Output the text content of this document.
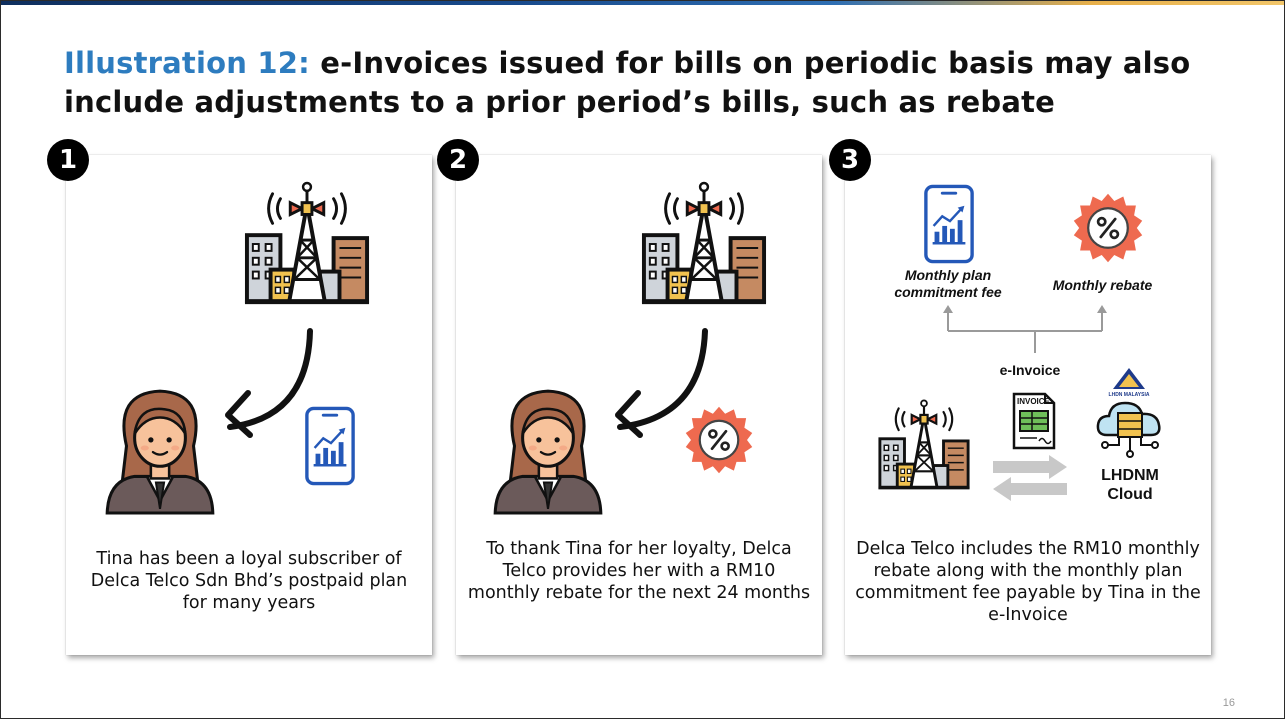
Illustration 12: e-Invoices issued for bills on periodic basis may also include adjustments to a prior period’s bills, such as rebate
Tina has been a loyal subscriber of Delca Telco Sdn Bhd’s postpaid plan for many years
To thank Tina for her loyalty, Delca Telco provides her with a RM10 monthly rebate for the next 24 months
Monthly plan commitment fee	Monthly rebate
e-Invoice
INVOICE
LHDN MALAYSIA
LHDNM Cloud
Delca Telco includes the RM10 monthly rebate along with the monthly plan commitment fee payable by Tina in the e-Invoice
1	2	3
16
